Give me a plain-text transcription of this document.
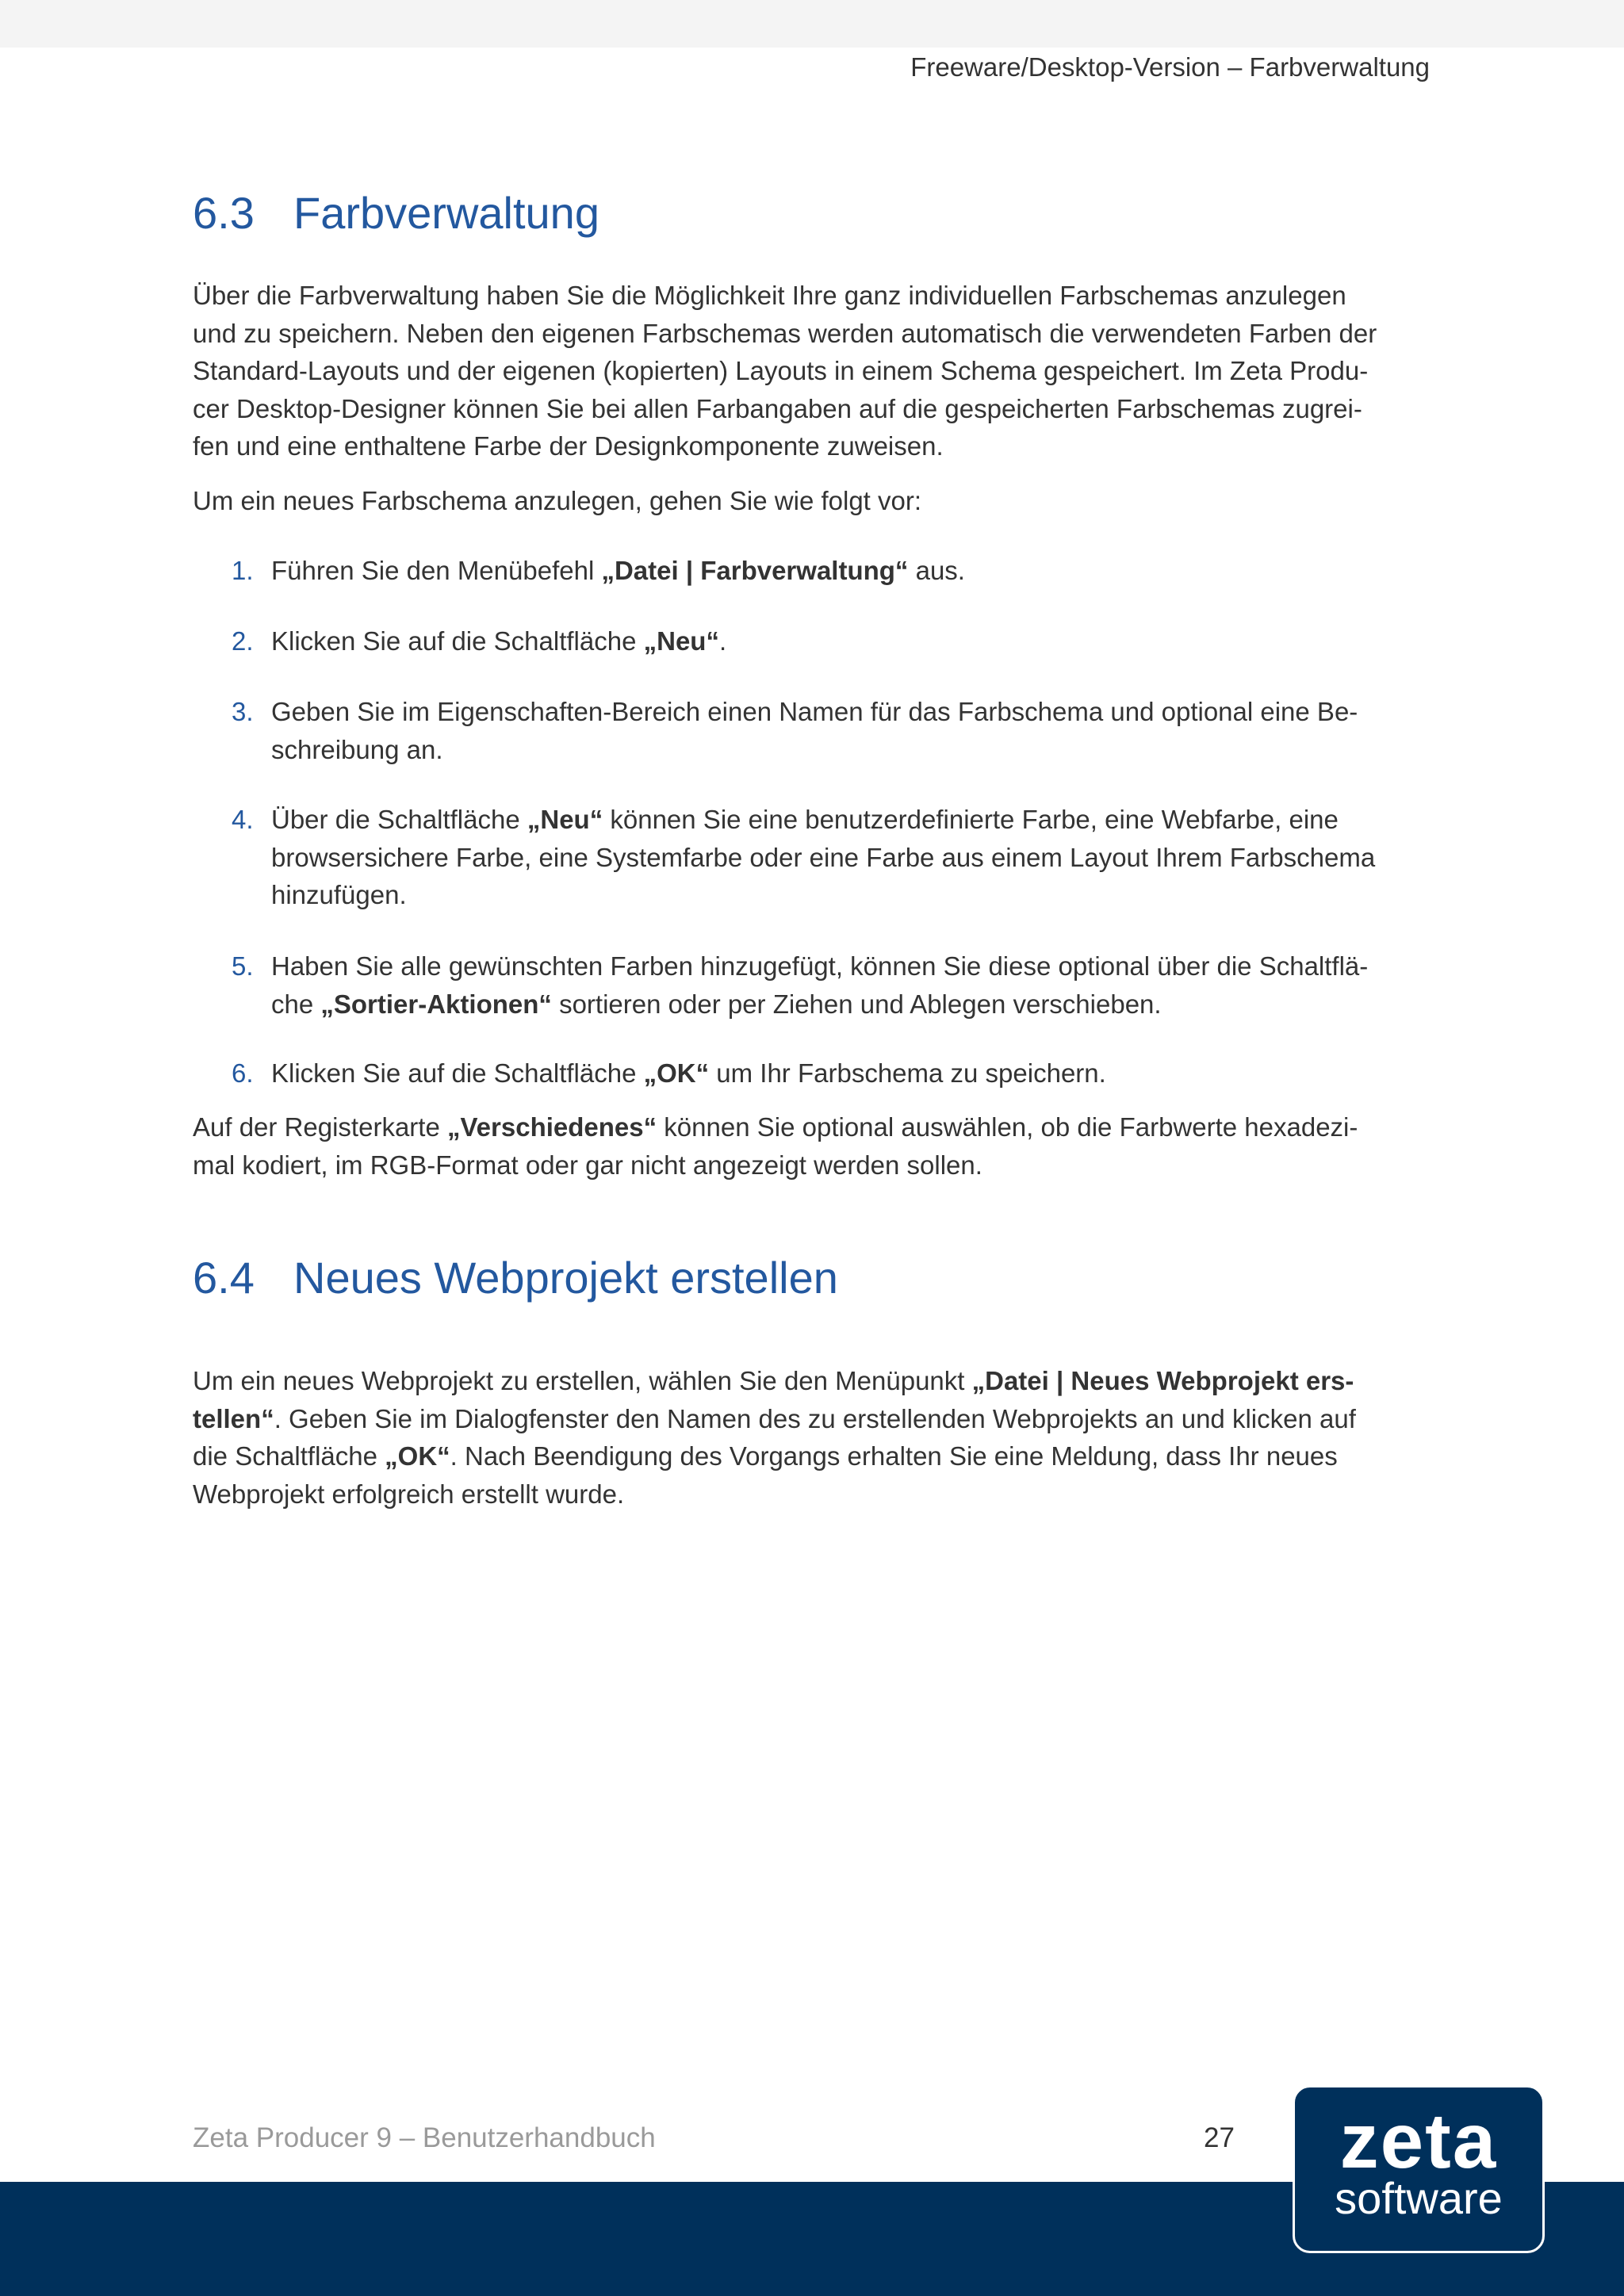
Freeware/Desktop-Version – Farbverwaltung
6.3 Farbverwaltung

Über die Farbverwaltung haben Sie die Möglichkeit Ihre ganz individuellen Farbschemas anzulegen
und zu speichern. Neben den eigenen Farbschemas werden automatisch die verwendeten Farben der
Standard-Layouts und der eigenen (kopierten) Layouts in einem Schema gespeichert. Im Zeta Produ-
cer Desktop-Designer können Sie bei allen Farbangaben auf die gespeicherten Farbschemas zugrei-
fen und eine enthaltene Farbe der Designkomponente zuweisen.

Um ein neues Farbschema anzulegen, gehen Sie wie folgt vor:

1. Führen Sie den Menübefehl „Datei | Farbverwaltung“ aus.
2. Klicken Sie auf die Schaltfläche „Neu“.
3. Geben Sie im Eigenschaften-Bereich einen Namen für das Farbschema und optional eine Be-
schreibung an.
4. Über die Schaltfläche „Neu“ können Sie eine benutzerdefinierte Farbe, eine Webfarbe, eine
browsersichere Farbe, eine Systemfarbe oder eine Farbe aus einem Layout Ihrem Farbschema
hinzufügen.
5. Haben Sie alle gewünschten Farben hinzugefügt, können Sie diese optional über die Schaltflä-
che „Sortier-Aktionen“ sortieren oder per Ziehen und Ablegen verschieben.
6. Klicken Sie auf die Schaltfläche „OK“ um Ihr Farbschema zu speichern.

Auf der Registerkarte „Verschiedenes“ können Sie optional auswählen, ob die Farbwerte hexadezi-
mal kodiert, im RGB-Format oder gar nicht angezeigt werden sollen.

6.4 Neues Webprojekt erstellen

Um ein neues Webprojekt zu erstellen, wählen Sie den Menüpunkt „Datei | Neues Webprojekt ers-
tellen“. Geben Sie im Dialogfenster den Namen des zu erstellenden Webprojekts an und klicken auf
die Schaltfläche „OK“. Nach Beendigung des Vorgangs erhalten Sie eine Meldung, dass Ihr neues
Webprojekt erfolgreich erstellt wurde.

Zeta Producer 9 – Benutzerhandbuch	27	zeta
software
